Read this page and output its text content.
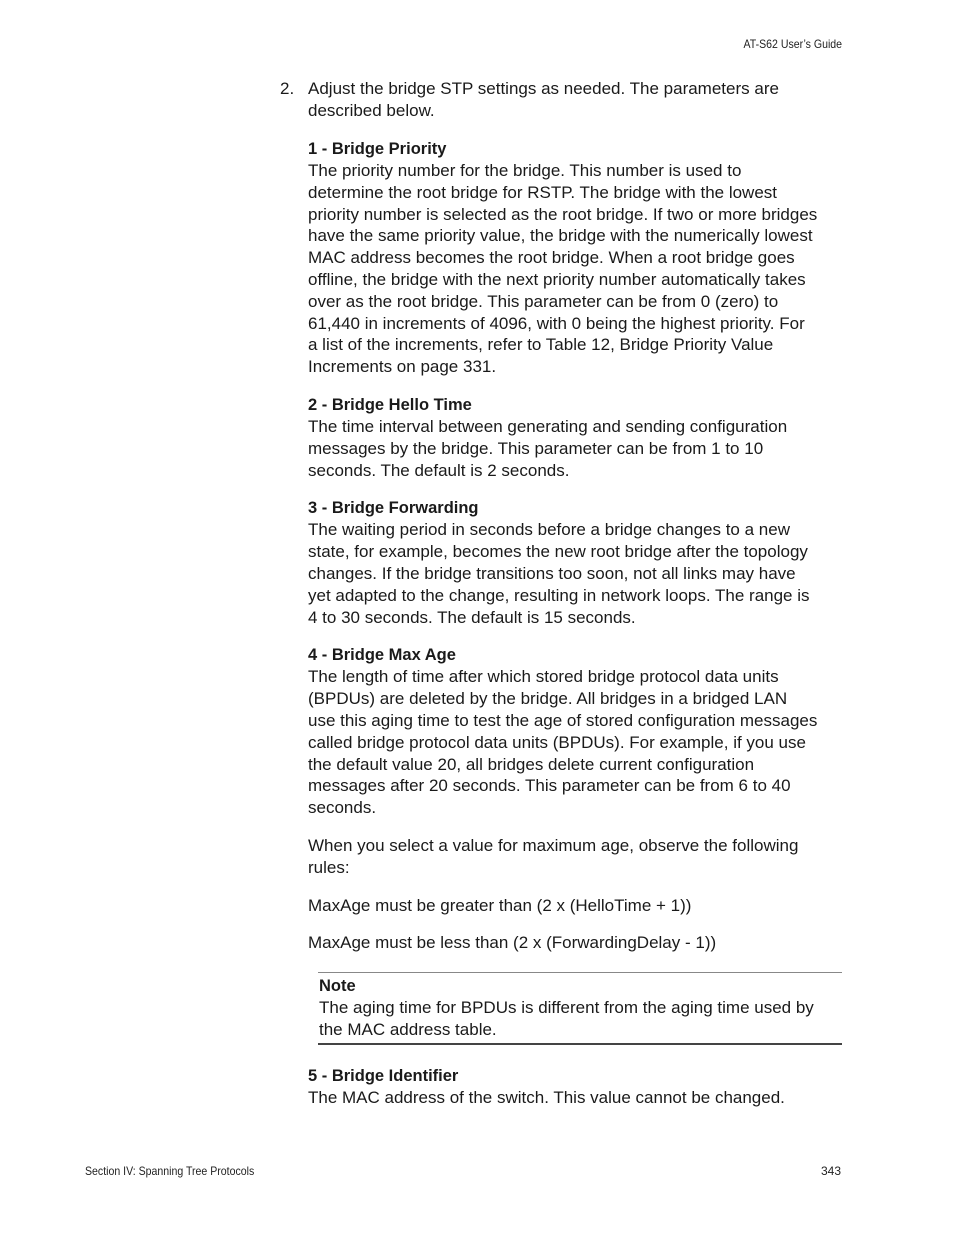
AT-S62 User’s Guide
2. Adjust the bridge STP settings as needed. The parameters are described below.
1 - Bridge Priority
The priority number for the bridge. This number is used to determine the root bridge for RSTP. The bridge with the lowest priority number is selected as the root bridge. If two or more bridges have the same priority value, the bridge with the numerically lowest MAC address becomes the root bridge. When a root bridge goes offline, the bridge with the next priority number automatically takes over as the root bridge. This parameter can be from 0 (zero) to 61,440 in increments of 4096, with 0 being the highest priority. For a list of the increments, refer to Table 12, Bridge Priority Value Increments on page 331.
2 - Bridge Hello Time
The time interval between generating and sending configuration messages by the bridge. This parameter can be from 1 to 10 seconds. The default is 2 seconds.
3 - Bridge Forwarding
The waiting period in seconds before a bridge changes to a new state, for example, becomes the new root bridge after the topology changes. If the bridge transitions too soon, not all links may have yet adapted to the change, resulting in network loops. The range is 4 to 30 seconds. The default is 15 seconds.
4 - Bridge Max Age
The length of time after which stored bridge protocol data units (BPDUs) are deleted by the bridge. All bridges in a bridged LAN use this aging time to test the age of stored configuration messages called bridge protocol data units (BPDUs). For example, if you use the default value 20, all bridges delete current configuration messages after 20 seconds. This parameter can be from 6 to 40 seconds.
When you select a value for maximum age, observe the following rules:
MaxAge must be greater than (2 x (HelloTime + 1))
MaxAge must be less than (2 x (ForwardingDelay - 1))
Note
The aging time for BPDUs is different from the aging time used by the MAC address table.
5 - Bridge Identifier
The MAC address of the switch. This value cannot be changed.
Section IV: Spanning Tree Protocols	343
